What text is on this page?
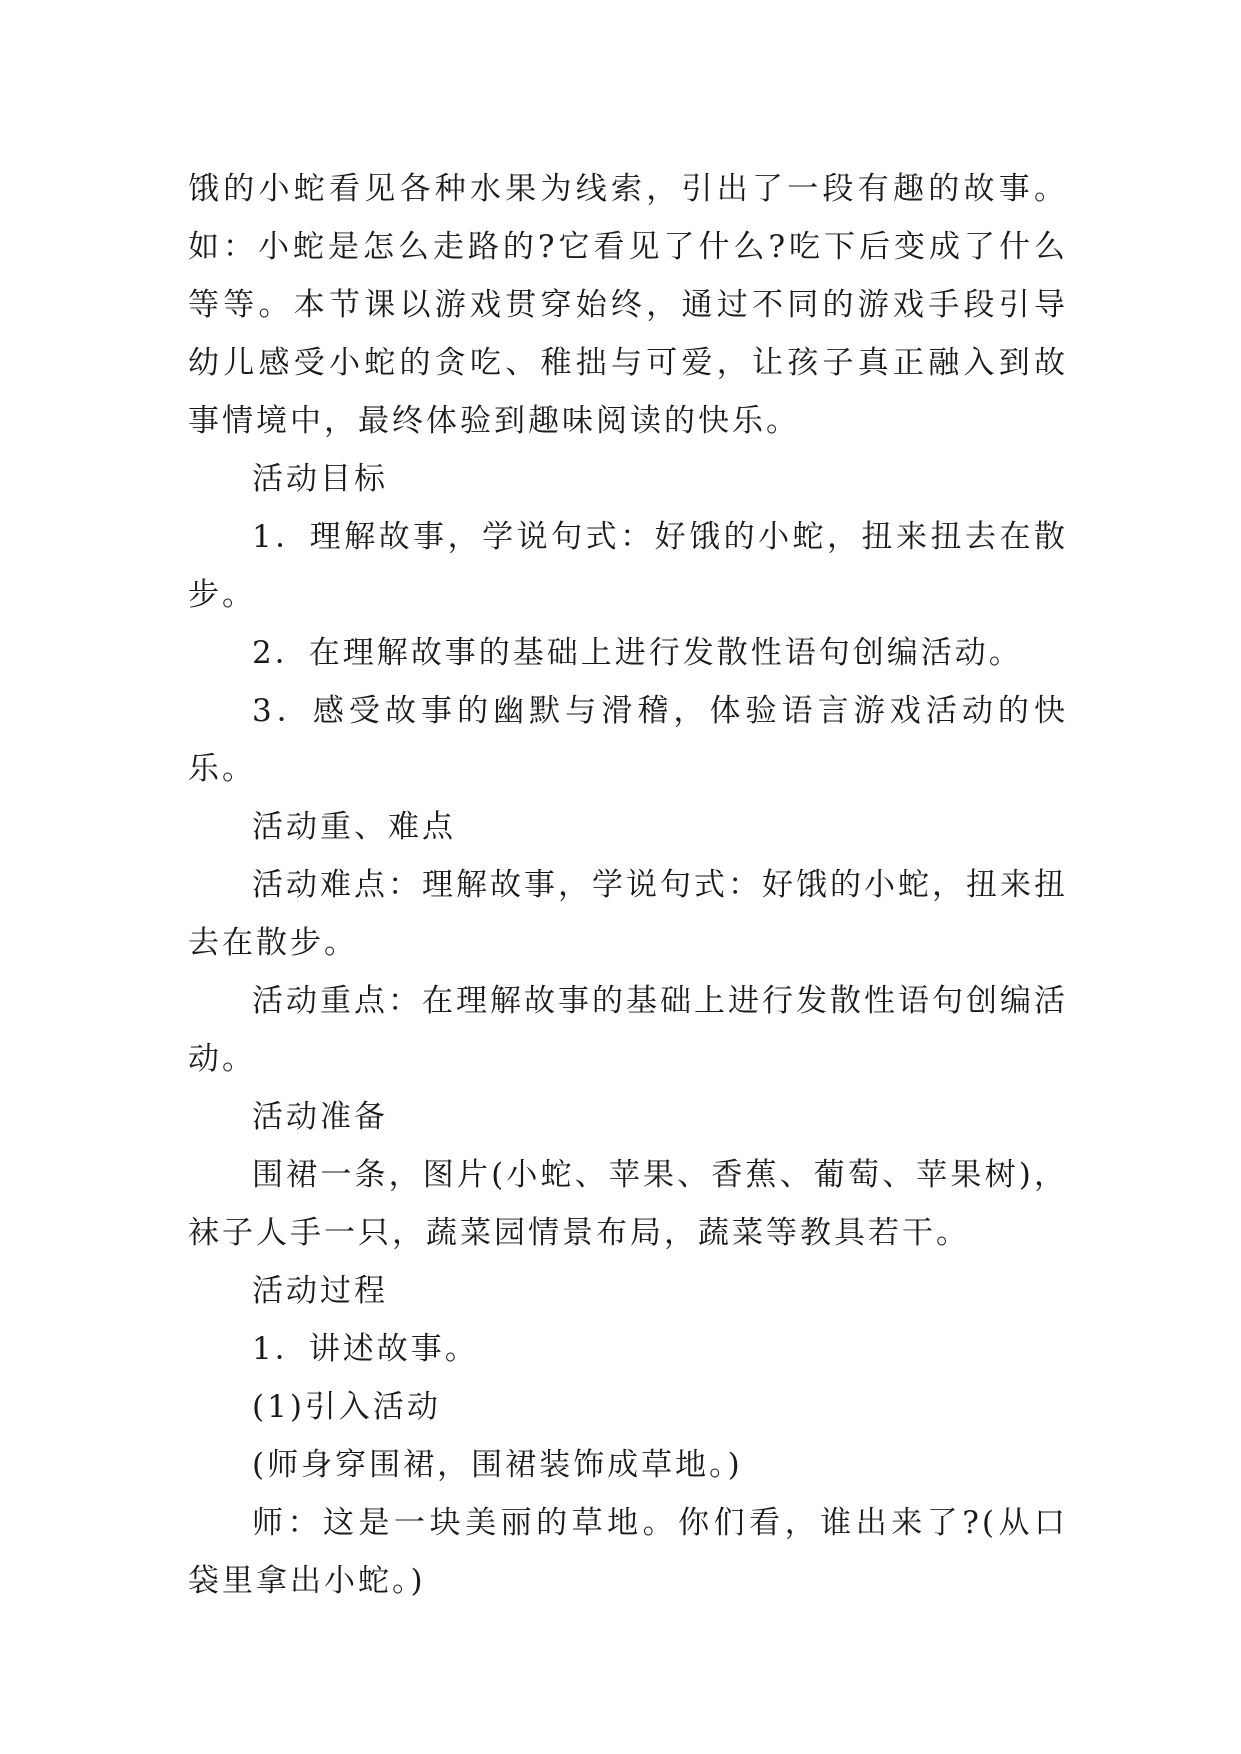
饿的小蛇看见各种水果为线索，引出了一段有趣的故事。如：小蛇是怎么走路的?它看见了什么?吃下后变成了什么等等。本节课以游戏贯穿始终，通过不同的游戏手段引导幼儿感受小蛇的贪吃、稚拙与可爱，让孩子真正融入到故事情境中，最终体验到趣味阅读的快乐。

活动目标

1．理解故事，学说句式：好饿的小蛇，扭来扭去在散步。

2．在理解故事的基础上进行发散性语句创编活动。

3．感受故事的幽默与滑稽，体验语言游戏活动的快乐。

活动重、难点

活动难点：理解故事，学说句式：好饿的小蛇，扭来扭去在散步。

活动重点：在理解故事的基础上进行发散性语句创编活动。

活动准备

围裙一条，图片(小蛇、苹果、香蕉、葡萄、苹果树)，袜子人手一只，蔬菜园情景布局，蔬菜等教具若干。

活动过程

1．讲述故事。

(1)引入活动

(师身穿围裙，围裙装饰成草地。)

师：这是一块美丽的草地。你们看，谁出来了?(从口袋里拿出小蛇。)
